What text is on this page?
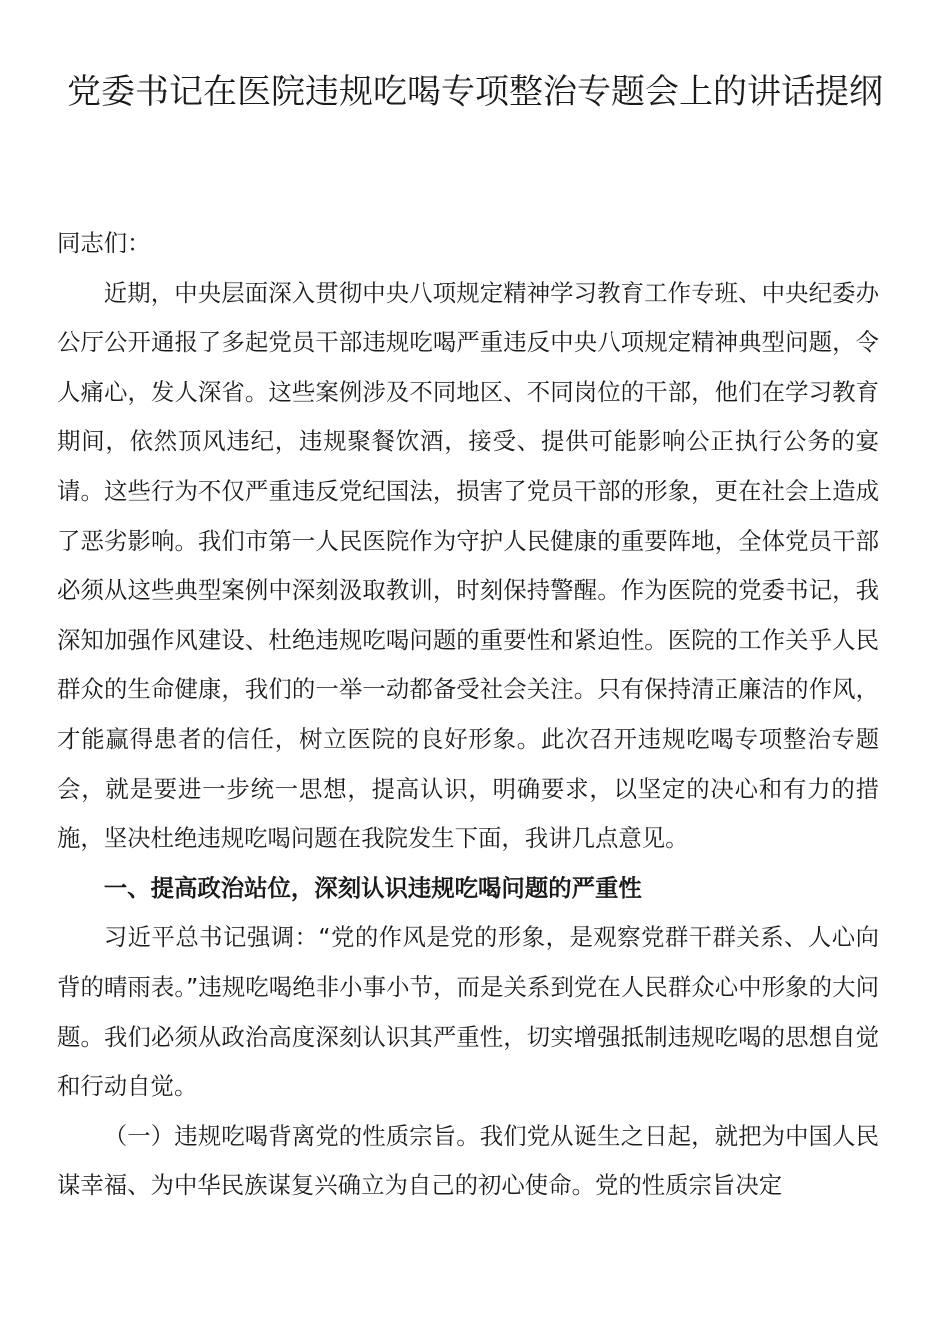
党委书记在医院违规吃喝专项整治专题会上的讲话提纲

同志们：

近期，中央层面深入贯彻中央八项规定精神学习教育工作专班、中央纪委办公厅公开通报了多起党员干部违规吃喝严重违反中央八项规定精神典型问题，令人痛心，发人深省。这些案例涉及不同地区、不同岗位的干部，他们在学习教育期间，依然顶风违纪，违规聚餐饮酒，接受、提供可能影响公正执行公务的宴请。这些行为不仅严重违反党纪国法，损害了党员干部的形象，更在社会上造成了恶劣影响。我们市第一人民医院作为守护人民健康的重要阵地，全体党员干部必须从这些典型案例中深刻汲取教训，时刻保持警醒。作为医院的党委书记，我深知加强作风建设、杜绝违规吃喝问题的重要性和紧迫性。医院的工作关乎人民群众的生命健康，我们的一举一动都备受社会关注。只有保持清正廉洁的作风，才能赢得患者的信任，树立医院的良好形象。此次召开违规吃喝专项整治专题会，就是要进一步统一思想，提高认识，明确要求，以坚定的决心和有力的措施，坚决杜绝违规吃喝问题在我院发生下面，我讲几点意见。

一、提高政治站位，深刻认识违规吃喝问题的严重性

习近平总书记强调：“党的作风是党的形象，是观察党群干群关系、人心向背的晴雨表。”违规吃喝绝非小事小节，而是关系到党在人民群众心中形象的大问题。我们必须从政治高度深刻认识其严重性，切实增强抵制违规吃喝的思想自觉和行动自觉。

（一）违规吃喝背离党的性质宗旨。我们党从诞生之日起，就把为中国人民谋幸福、为中华民族谋复兴确立为自己的初心使命。党的性质宗旨决定
